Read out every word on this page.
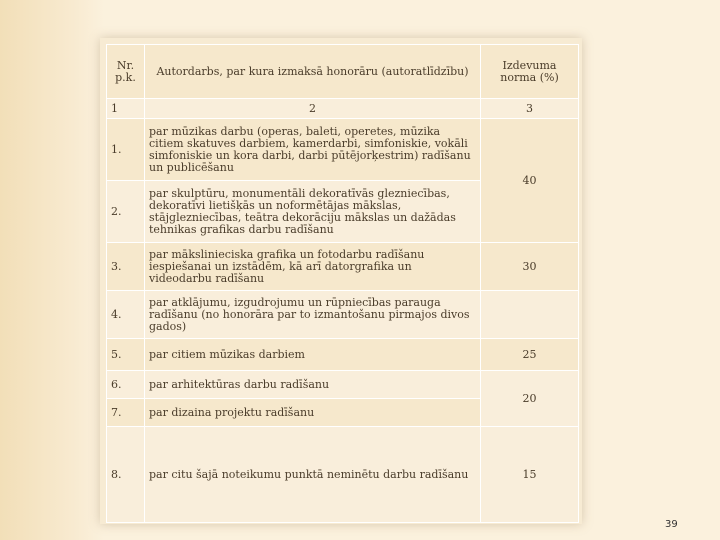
Nr. p.k.	Autordarbs, par kura izmaksā honorāru (autoratlīdzību)	Izdevuma norma (%)
1	2	3
1.	par mūzikas darbu (operas, baleti, operetes, mūzika citiem skatuves darbiem, kamerdarbi, simfoniskie, vokāli simfoniskie un kora darbi, darbi pūtējorķestrim) radīšanu un publicēšanu	40
2.	par skulptūru, monumentāli dekoratīvās glezniecības, dekoratīvi lietišķās un noformētājas mākslas, stājglezniecības, teātra dekorāciju mākslas un dažādas tehnikas grafikas darbu radīšanu	
3.	par mākslinieciska grafika un fotodarbu radīšanu iespiešanai un izstādēm, kā arī datorgrafika un videodarbu radīšanu	30
4.	par atklājumu, izgudrojumu un rūpniecības parauga radīšanu (no honorāra par to izmantošanu pirmajos divos gados)	
5.	par citiem mūzikas darbiem	25
6.	par arhitektūras darbu radīšanu	20
7.	par dizaina projektu radīšanu	
8.	par citu šajā noteikumu punktā neminētu darbu radīšanu	15
39
